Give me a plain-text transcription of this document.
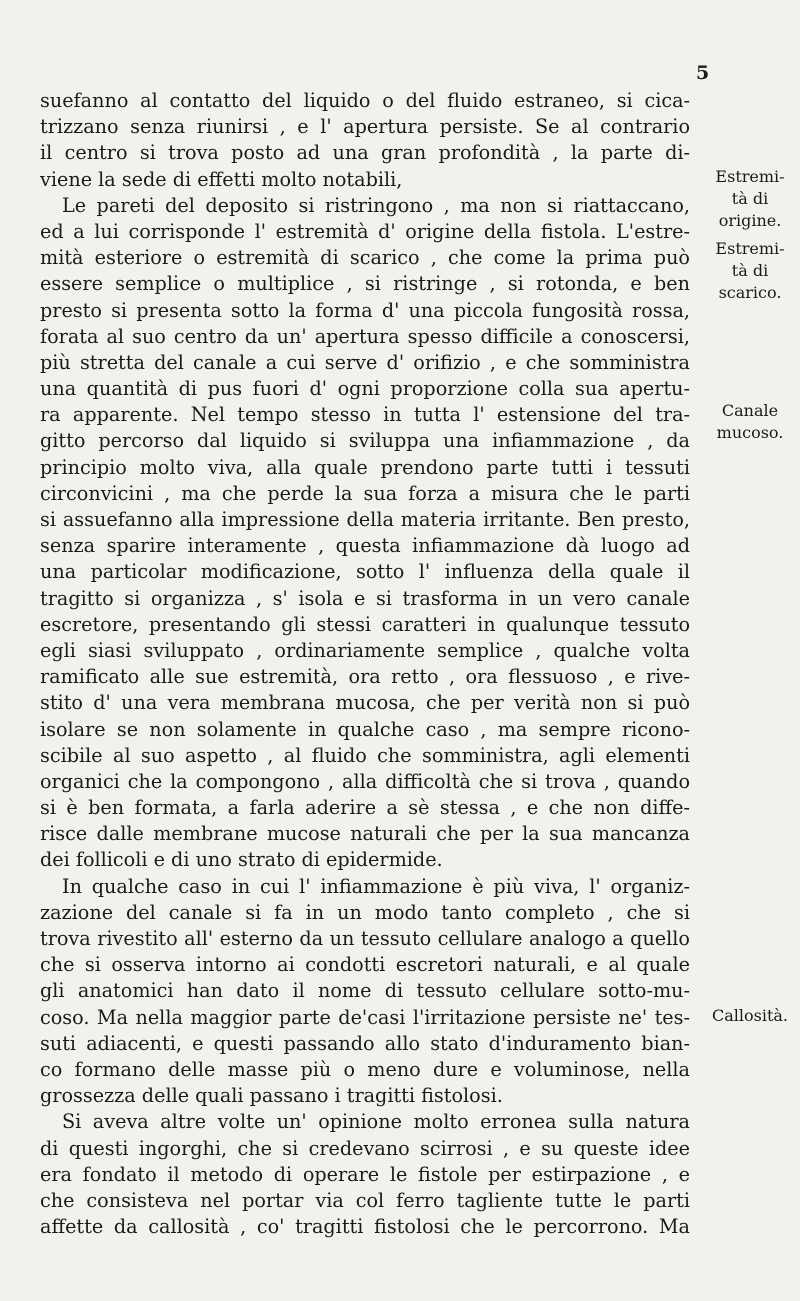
5
suefanno al contatto del liquido o del fluido estraneo, si cica-
trizzano senza riunirsi , e l' apertura persiste. Se al contrario
il centro si trova posto ad una gran profondità , la parte di-
viene la sede di effetti molto notabili,
Le pareti del deposito si ristringono , ma non si riattaccano,
ed a lui corrisponde l' estremità d' origine della fistola. L'estre-
mità esteriore o estremità di scarico , che come la prima può
essere semplice o multiplice , si ristringe , si rotonda, e ben
presto si presenta sotto la forma d' una piccola fungosità rossa,
forata al suo centro da un' apertura spesso difficile a conoscersi,
più stretta del canale a cui serve d' orifizio , e che somministra
una quantità di pus fuori d' ogni proporzione colla sua apertu-
ra apparente. Nel tempo stesso in tutta l' estensione del tra-
gitto percorso dal liquido si sviluppa una infiammazione , da
principio molto viva, alla quale prendono parte tutti i tessuti
circonvicini , ma che perde la sua forza a misura che le parti
si assuefanno alla impressione della materia irritante. Ben presto,
senza sparire interamente , questa infiammazione dà luogo ad
una particolar modificazione, sotto l' influenza della quale il
tragitto si organizza , s' isola e si trasforma in un vero canale
escretore, presentando gli stessi caratteri in qualunque tessuto
egli siasi sviluppato , ordinariamente semplice , qualche volta
ramificato alle sue estremità, ora retto , ora flessuoso , e rive-
stito d' una vera membrana mucosa, che per verità non si può
isolare se non solamente in qualche caso , ma sempre ricono-
scibile al suo aspetto , al fluido che somministra, agli elementi
organici che la compongono , alla difficoltà che si trova , quando
si è ben formata, a farla aderire a sè stessa , e che non diffe-
risce dalle membrane mucose naturali che per la sua mancanza
dei follicoli e di uno strato di epidermide.
In qualche caso in cui l' infiammazione è più viva, l' organiz-
zazione del canale si fa in un modo tanto completo , che si
trova rivestito all' esterno da un tessuto cellulare analogo a quello
che si osserva intorno ai condotti escretori naturali, e al quale
gli anatomici han dato il nome di tessuto cellulare sotto-mu-
coso. Ma nella maggior parte de'casi l'irritazione persiste ne' tes-
suti adiacenti, e questi passando allo stato d'induramento bian-
co formano delle masse più o meno dure e voluminose, nella
grossezza delle quali passano i tragitti fistolosi.
Si aveva altre volte un' opinione molto erronea sulla natura
di questi ingorghi, che si credevano scirrosi , e su queste idee
era fondato il metodo di operare le fistole per estirpazione , e
che consisteva nel portar via col ferro tagliente tutte le parti
affette da callosità , co' tragitti fistolosi che le percorrono. Ma
Estremi-
tà di
origine.
Estremi-
tà di
scarico.
Canale
mucoso.
Callosità.
